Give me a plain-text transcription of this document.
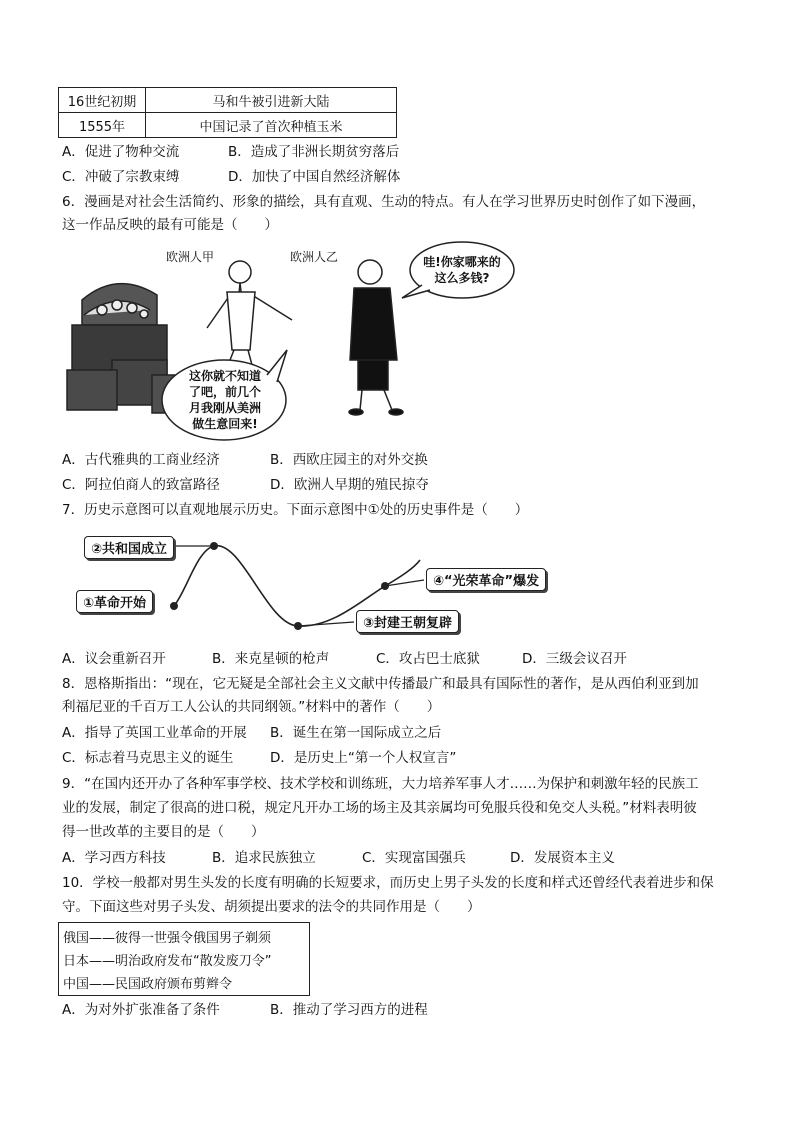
16世纪初期	马和牛被引进新大陆
1555年	中国记录了首次种植玉米
A．促进了物种交流	B．造成了非洲长期贫穷落后
C．冲破了宗教束缚	D．加快了中国自然经济解体
6．漫画是对社会生活简约、形象的描绘，具有直观、生动的特点。有人在学习世界历史时创作了如下漫画，
这一作品反映的最有可能是（　　）
欧洲人甲	欧洲人乙	哇!你家哪来的
这么多钱?
这你就不知道
了吧，前几个
月我刚从美洲
做生意回来!
A．古代雅典的工商业经济	B．西欧庄园主的对外交换
C．阿拉伯商人的致富路径	D．欧洲人早期的殖民掠夺
7．历史示意图可以直观地展示历史。下面示意图中①处的历史事件是（　　）
①革命开始
②共和国成立
③封建王朝复辟
④“光荣革命”爆发
A．议会重新召开	B．来克星顿的枪声	C．攻占巴士底狱	D．三级会议召开
8．恩格斯指出：“现在，它无疑是全部社会主义文献中传播最广和最具有国际性的著作，是从西伯利亚到加
利福尼亚的千百万工人公认的共同纲领。”材料中的著作（　　）
A．指导了英国工业革命的开展 B．诞生在第一国际成立之后
C．标志着马克思主义的诞生	D．是历史上“第一个人权宣言”
9．“在国内还开办了各种军事学校、技术学校和训练班，大力培养军事人才……为保护和刺激年轻的民族工
业的发展，制定了很高的进口税，规定凡开办工场的场主及其亲属均可免服兵役和免交人头税。”材料表明彼
得一世改革的主要目的是（　　）
A．学习西方科技	B．追求民族独立	C．实现富国强兵	D．发展资本主义
10．学校一般都对男生头发的长度有明确的长短要求，而历史上男子头发的长度和样式还曾经代表着进步和保
守。下面这些对男子头发、胡须提出要求的法令的共同作用是（　　）
俄国——彼得一世强令俄国男子剃须
日本——明治政府发布“散发废刀令”
中国——民国政府颁布剪辫令
A．为对外扩张准备了条件	B．推动了学习西方的进程
